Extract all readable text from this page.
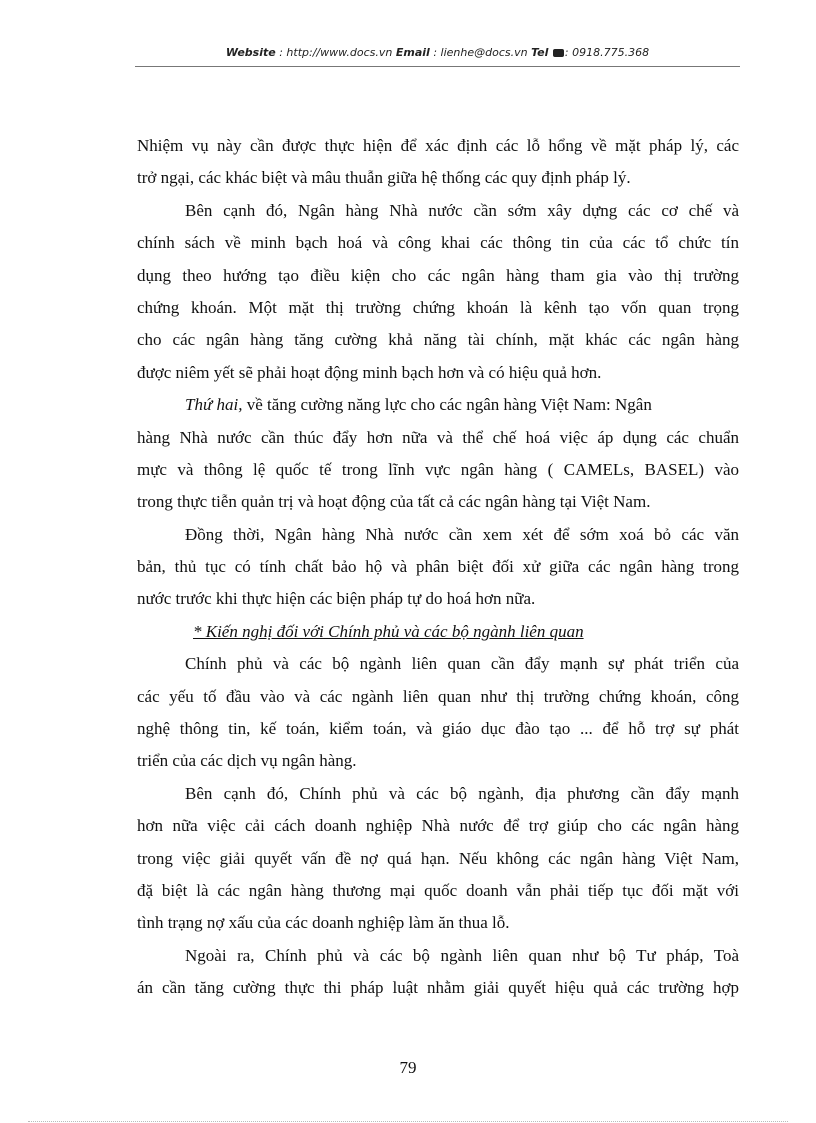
Website : http://www.docs.vn Email : lienhe@docs.vn Tel : 0918.775.368
Nhiệm vụ này cần được thực hiện để xác định các lỗ hổng về mặt pháp lý, các
trở ngại, các khác biệt và mâu thuẫn giữa hệ thống các quy định pháp lý.
Bên cạnh đó, Ngân hàng Nhà nước cần sớm xây dựng các cơ chế và
chính sách về minh bạch hoá và công khai các thông tin của các tổ chức tín
dụng theo hướng tạo điều kiện cho các ngân hàng tham gia vào thị trường
chứng khoán. Một mặt thị trường chứng khoán là kênh tạo vốn quan trọng
cho các ngân hàng tăng cường khả năng tài chính, mặt khác các ngân hàng
được niêm yết sẽ phải hoạt động minh bạch hơn và có hiệu quả hơn.
Thứ hai, về tăng cường năng lực cho các ngân hàng Việt Nam: Ngân
hàng Nhà nước cần thúc đẩy hơn nữa và thể chế hoá việc áp dụng các chuẩn
mực và thông lệ quốc tế trong lĩnh vực ngân hàng ( CAMELs, BASEL) vào
trong thực tiễn quản trị và hoạt động của tất cả các ngân hàng tại Việt Nam.
Đồng thời, Ngân hàng Nhà nước cần xem xét để sớm xoá bỏ các văn
bản, thủ tục có tính chất bảo hộ và phân biệt đối xử giữa các ngân hàng trong
nước trước khi thực hiện các biện pháp tự do hoá hơn nữa.
* Kiến nghị đối với Chính phủ và các bộ ngành liên quan
Chính phủ và các bộ ngành liên quan cần đẩy mạnh sự phát triển của
các yếu tố đầu vào và các ngành liên quan như thị trường chứng khoán, công
nghệ thông tin, kế toán, kiểm toán, và giáo dục đào tạo ... để hỗ trợ sự phát
triển của các dịch vụ ngân hàng.
Bên cạnh đó, Chính phủ và các bộ ngành, địa phương cần đẩy mạnh
hơn nữa việc cải cách doanh nghiệp Nhà nước để trợ giúp cho các ngân hàng
trong việc giải quyết vấn đề nợ quá hạn. Nếu không các ngân hàng Việt Nam,
đặ biệt là các ngân hàng thương mại quốc doanh vẫn phải tiếp tục đối mặt với
tình trạng nợ xấu của các doanh nghiệp làm ăn thua lỗ.
Ngoài ra, Chính phủ và các bộ ngành liên quan như bộ Tư pháp, Toà
án cần tăng cường thực thi pháp luật nhằm giải quyết hiệu quả các trường hợp
79
